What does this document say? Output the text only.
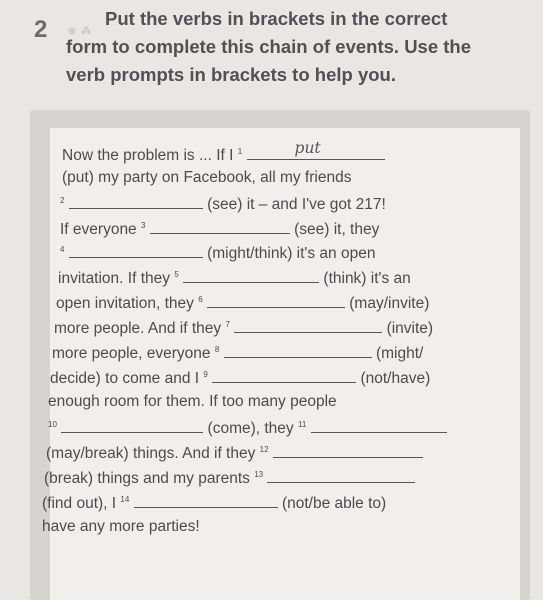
2 ⊕ ⁂
Put the verbs in brackets in the correct
form to complete this chain of events. Use the
verb prompts in brackets to help you.
Now the problem is ... If I $^1$	put
(put) my party on Facebook, all my friends
$^2$	(see) it – and I've got 217!
If everyone $^3$	(see) it, they
$^4$	(might/think) it's an open
invitation. If they $^5$	(think) it's an
open invitation, they $^6$	(may/invite)
more people. And if they $^7$	(invite)
more people, everyone $^8$	(might/
decide) to come and I $^9$	(not/have)
enough room for them. If too many people
$^{10}$	(come), they $^{11}$
(may/break) things. And if they $^{12}$
(break) things and my parents $^{13}$
(find out), I $^{14}$	(not/be able to)
have any more parties!
